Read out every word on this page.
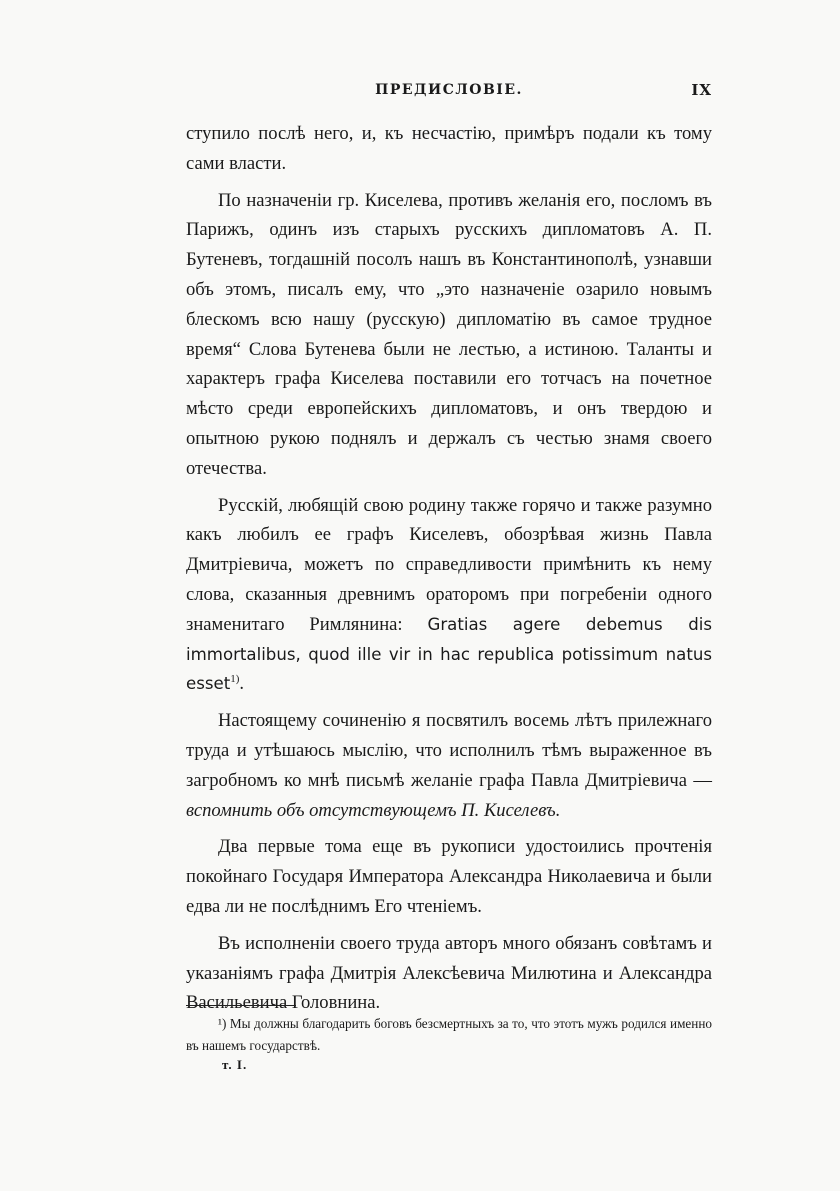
ПРЕДИСЛОВІЕ.	IX

ступило послѣ него, и, къ несчастію, примѣръ подали къ тому сами власти.

По назначеніи гр. Киселева, противъ желанія его, посломъ въ Парижъ, одинъ изъ старыхъ русскихъ дипломатовъ А. П. Бутеневъ, тогдашній посолъ нашъ въ Константинополѣ, узнавши объ этомъ, писалъ ему, что „это назначеніе озарило новымъ блескомъ всю нашу (русскую) дипломатію въ самое трудное время“ Слова Бутенева были не лестью, а истиною. Таланты и характеръ графа Киселева поставили его тотчасъ на почетное мѣсто среди европейскихъ дипломатовъ, и онъ твердою и опытною рукою поднялъ и держалъ съ честью знамя своего отечества.

Русскій, любящій свою родину также горячо и также разумно какъ любилъ ее графъ Киселевъ, обозрѣвая жизнь Павла Дмитріевича, можетъ по справедливости примѣнить къ нему слова, сказанныя древнимъ ораторомъ при погребеніи одного знаменитаго Римлянина: Gratias agere debemus dis immortalibus, quod ille vir in hac republica potissimum natus esset$^{1)}$.

Настоящему сочиненію я посвятилъ восемь лѣтъ прилежнаго труда и утѣшаюсь мыслію, что исполнилъ тѣмъ выраженное въ загробномъ ко мнѣ письмѣ желаніе графа Павла Дмитріевича — вспомнить объ отсутствующемъ П. Киселевъ.

Два первые тома еще въ рукописи удостоились прочтенія покойнаго Государя Императора Александра Николаевича и были едва ли не послѣднимъ Его чтеніемъ.

Въ исполненіи своего труда авторъ много обязанъ совѣтамъ и указаніямъ графа Дмитрія Алексѣевича Милютина и Александра Васильевича Головнина.

¹) Мы должны благодарить боговъ безсмертныхъ за то, что этотъ мужъ родился именно въ нашемъ государствѣ.

т. I.
